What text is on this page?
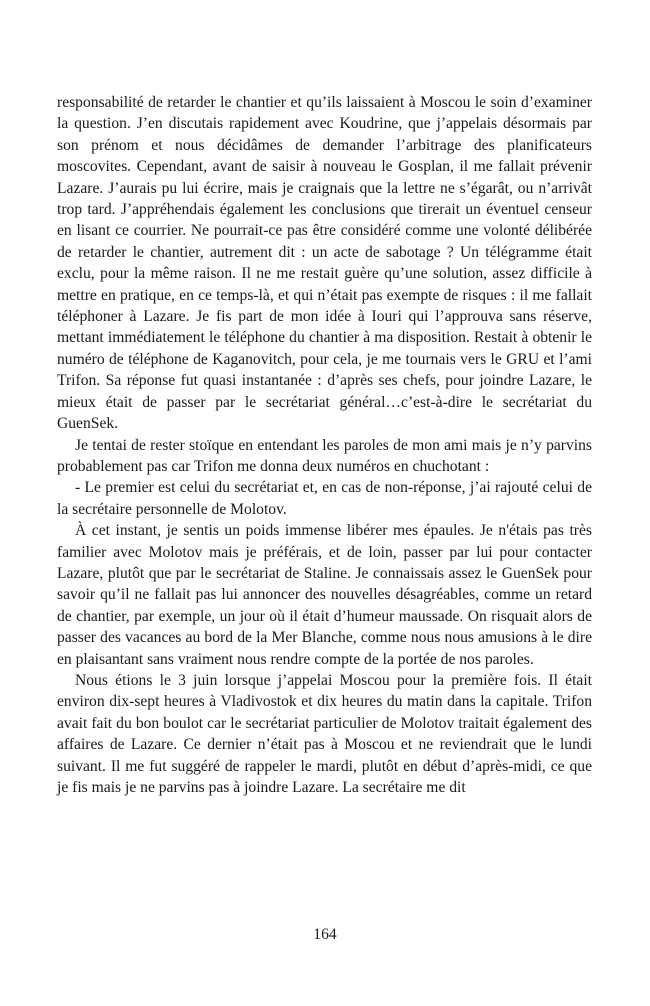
responsabilité de retarder le chantier et qu’ils laissaient à Moscou le soin d’examiner la question. J’en discutais rapidement avec Koudrine, que j’appelais désormais par son prénom et nous décidâmes de demander l’arbitrage des planificateurs moscovites. Cependant, avant de saisir à nouveau le Gosplan, il me fallait prévenir Lazare. J’aurais pu lui écrire, mais je craignais que la lettre ne s’égarât, ou n’arrivât trop tard. J’appréhendais également les conclusions que tirerait un éventuel censeur en lisant ce courrier. Ne pourrait-ce pas être considéré comme une volonté délibérée de retarder le chantier, autrement dit : un acte de sabotage ? Un télégramme était exclu, pour la même raison. Il ne me restait guère qu’une solution, assez difficile à mettre en pratique, en ce temps-là, et qui n’était pas exempte de risques : il me fallait téléphoner à Lazare. Je fis part de mon idée à Iouri qui l’approuva sans réserve, mettant immédiatement le téléphone du chantier à ma disposition. Restait à obtenir le numéro de téléphone de Kaganovitch, pour cela, je me tournais vers le GRU et l’ami Trifon. Sa réponse fut quasi instantanée : d’après ses chefs, pour joindre Lazare, le mieux était de passer par le secrétariat général…c’est-à-dire le secrétariat du GuenSek.

Je tentai de rester stoïque en entendant les paroles de mon ami mais je n’y parvins probablement pas car Trifon me donna deux numéros en chuchotant :

- Le premier est celui du secrétariat et, en cas de non-réponse, j’ai rajouté celui de la secrétaire personnelle de Molotov.

À cet instant, je sentis un poids immense libérer mes épaules. Je n'étais pas très familier avec Molotov mais je préférais, et de loin, passer par lui pour contacter Lazare, plutôt que par le secrétariat de Staline. Je connaissais assez le GuenSek pour savoir qu’il ne fallait pas lui annoncer des nouvelles désagréables, comme un retard de chantier, par exemple, un jour où il était d’humeur maussade. On risquait alors de passer des vacances au bord de la Mer Blanche, comme nous nous amusions à le dire en plaisantant sans vraiment nous rendre compte de la portée de nos paroles.

Nous étions le 3 juin lorsque j’appelai Moscou pour la première fois. Il était environ dix-sept heures à Vladivostok et dix heures du matin dans la capitale. Trifon avait fait du bon boulot car le secrétariat particulier de Molotov traitait également des affaires de Lazare. Ce dernier n’était pas à Moscou et ne reviendrait que le lundi suivant. Il me fut suggéré de rappeler le mardi, plutôt en début d’après-midi, ce que je fis mais je ne parvins pas à joindre Lazare. La secrétaire me dit

164
